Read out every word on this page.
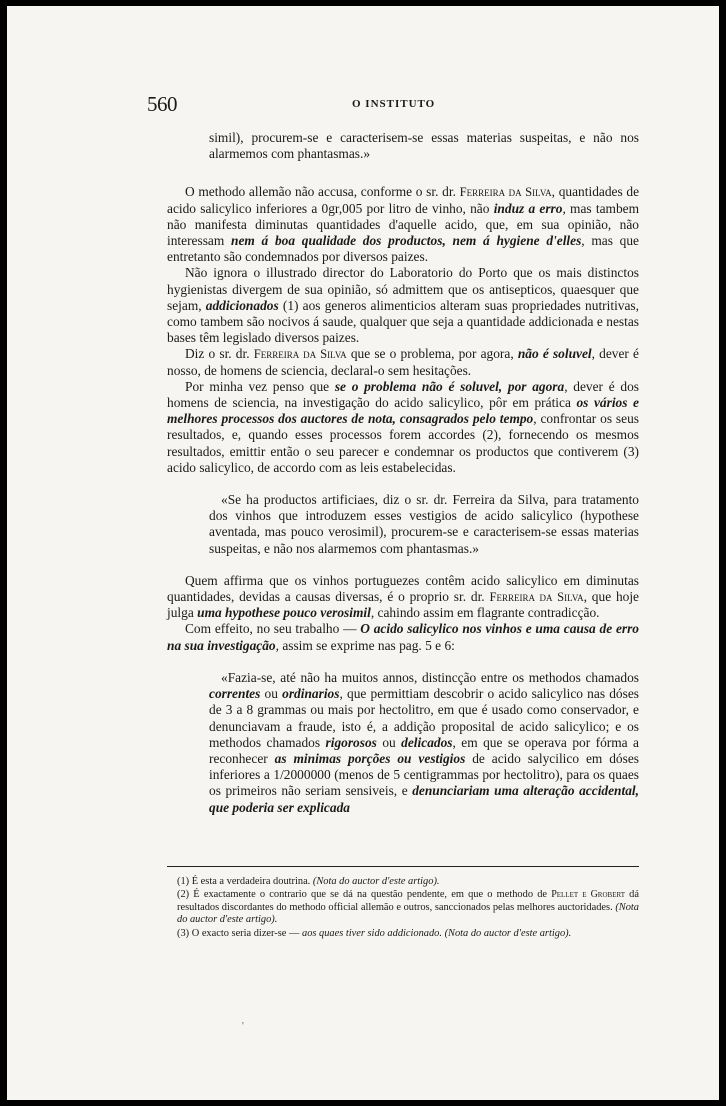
560	O INSTITUTO

simil), procurem-se e caracterisem-se essas materias suspeitas, e não nos alarmemos com phantasmas.»

O methodo allemão não accusa, conforme o sr. dr. Ferreira da Silva, quantidades de acido salicylico inferiores a 0gr,005 por litro de vinho, não induz a erro, mas tambem não manifesta diminutas quantidades d'aquelle acido, que, em sua opinião, não interessam nem á boa qualidade dos productos, nem á hygiene d'elles, mas que entretanto são condemnados por diversos paizes.

Não ignora o illustrado director do Laboratorio do Porto que os mais distinctos hygienistas divergem de sua opinião, só admittem que os antisepticos, quaesquer que sejam, addicionados (1) aos generos alimenticios alteram suas propriedades nutritivas, como tambem são nocivos á saude, qualquer que seja a quantidade addicionada e nestas bases têm legislado diversos paizes.

Diz o sr. dr. Ferreira da Silva que se o problema, por agora, não é soluvel, dever é nosso, de homens de sciencia, declaral-o sem hesitações.

Por minha vez penso que se o problema não é soluvel, por agora, dever é dos homens de sciencia, na investigação do acido salicylico, pôr em prática os vários e melhores processos dos auctores de nota, consagrados pelo tempo, confrontar os seus resultados, e, quando esses processos forem accordes (2), fornecendo os mesmos resultados, emittir então o seu parecer e condemnar os productos que contiverem (3) acido salicylico, de accordo com as leis estabelecidas.

«Se ha productos artificiaes, diz o sr. dr. Ferreira da Silva, para tratamento dos vinhos que introduzem esses vestigios de acido salicylico (hypothese aventada, mas pouco verosimil), procurem-se e caracterisem-se essas materias suspeitas, e não nos alarmemos com phantasmas.»

Quem affirma que os vinhos portuguezes contêm acido salicylico em diminutas quantidades, devidas a causas diversas, é o proprio sr. dr. Ferreira da Silva, que hoje julga uma hypothese pouco verosimil, cahindo assim em flagrante contradicção.

Com effeito, no seu trabalho — O acido salicylico nos vinhos e uma causa de erro na sua investigação, assim se exprime nas pag. 5 e 6:

«Fazia-se, até não ha muitos annos, distincção entre os methodos chamados correntes ou ordinarios, que permittiam descobrir o acido salicylico nas dóses de 3 a 8 grammas ou mais por hectolitro, em que é usado como conservador, e denunciavam a fraude, isto é, a addição proposital de acido salicylico; e os methodos chamados rigorosos ou delicados, em que se operava por fórma a reconhecer as minimas porções ou vestigios de acido salycilico em dóses inferiores a 1/2000000 (menos de 5 centigrammas por hectolitro), para os quaes os primeiros não seriam sensiveis, e denunciariam uma alteração accidental, que poderia ser explicada

(1) É esta a verdadeira doutrina. (Nota do auctor d'este artigo).

(2) É exactamente o contrario que se dá na questão pendente, em que o methodo de Pellet e Grobert dá resultados discordantes do methodo official allemão e outros, sanccionados pelas melhores auctoridades. (Nota do auctor d'este artigo).

(3) O exacto seria dizer-se — aos quaes tiver sido addicionado. (Nota do auctor d'este artigo).

'
